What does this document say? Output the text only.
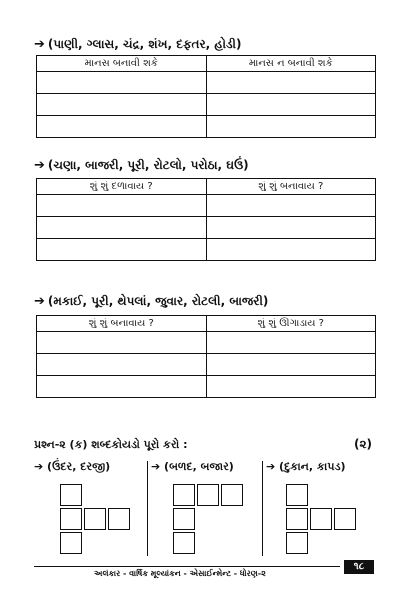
➔ (પાણી, ગ્લાસ, ચંદ્ર, શંખ, દફતર, હોડી)
માનસ બનાવી શકે	માનસ ન બનાવી શકે

➔ (ચણા, બાજરી, પૂરી, રોટલો, પરોઠા, ઘઉં)
શું શું દળાવાય ?	શું શું બનાવાય ?

➔ (મકાઈ, પૂરી, થેપલાં, જુવાર, રોટલી, બાજરી)
શું શું બનાવાય ?	શું શું ઊગાડાય ?

પ્રશ્ન-૨ (ક) શબ્દકોયડો પૂરો કરો :	(૨)
➔ (ઉંદર, દરજી)	➔ (બળદ, બજાર)	➔ (દુકાન, કાપડ)
અલંકાર - વાર્ષિક મૂલ્યાંકન - એસાઈન્મેન્ટ - ધોરણ-૨
૧૮
